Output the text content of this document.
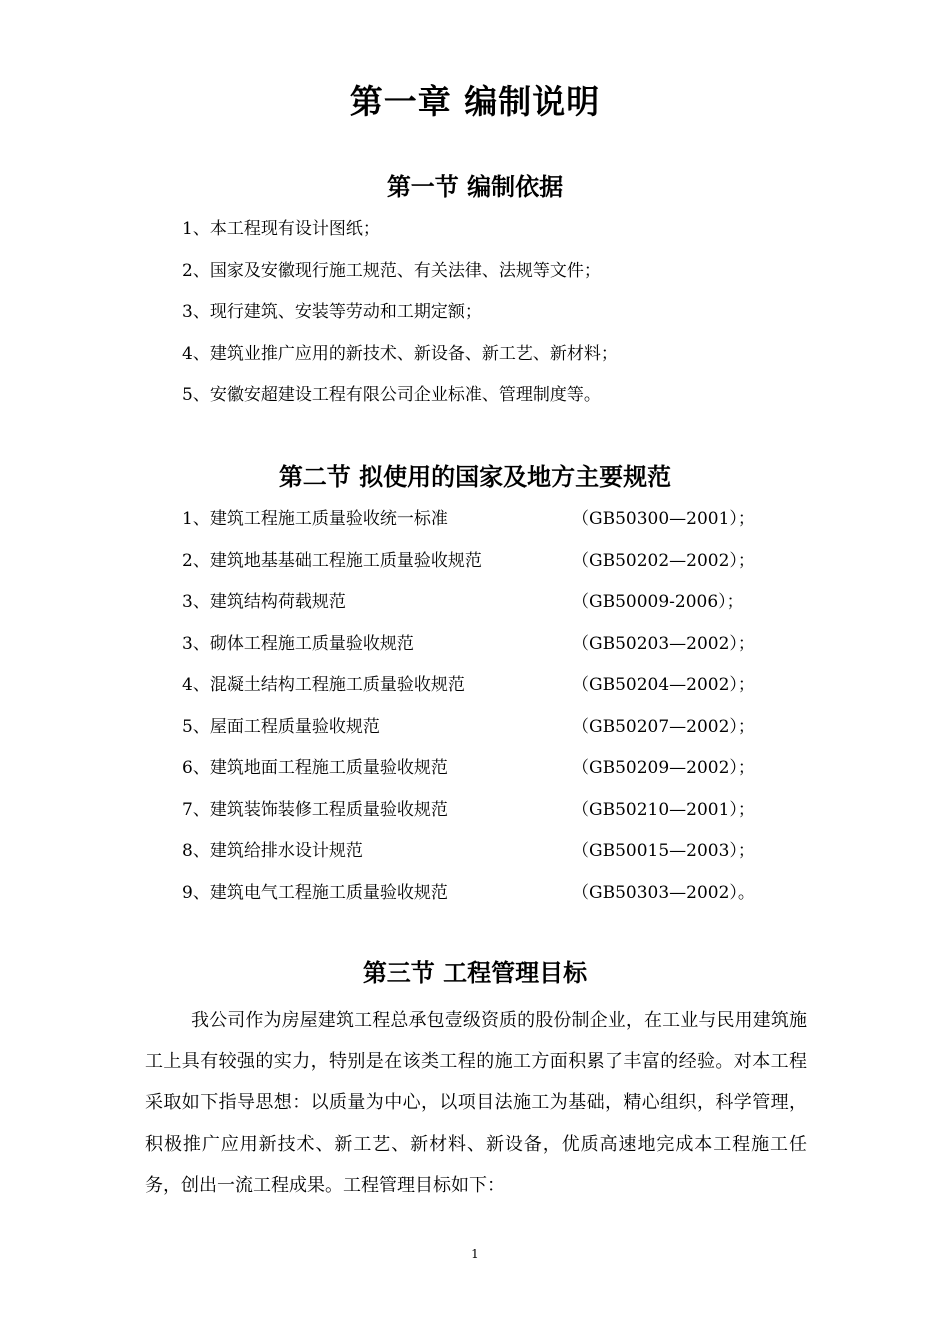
第一章 编制说明
第一节 编制依据
1、本工程现有设计图纸；
2、国家及安徽现行施工规范、有关法律、法规等文件；
3、现行建筑、安装等劳动和工期定额；
4、建筑业推广应用的新技术、新设备、新工艺、新材料；
5、安徽安超建设工程有限公司企业标准、管理制度等。
第二节 拟使用的国家及地方主要规范
1、建筑工程施工质量验收统一标准	（GB50300—2001）；
2、建筑地基基础工程施工质量验收规范	（GB50202—2002）；
3、建筑结构荷载规范	（GB50009-2006）；
3、砌体工程施工质量验收规范	（GB50203—2002）；
4、混凝土结构工程施工质量验收规范	（GB50204—2002）；
5、屋面工程质量验收规范	（GB50207—2002）；
6、建筑地面工程施工质量验收规范	（GB50209—2002）；
7、建筑装饰装修工程质量验收规范	（GB50210—2001）；
8、建筑给排水设计规范	（GB50015—2003）；
9、建筑电气工程施工质量验收规范	（GB50303—2002）。
第三节 工程管理目标

我公司作为房屋建筑工程总承包壹级资质的股份制企业，在工业与民用建筑施工上具有较强的实力，特别是在该类工程的施工方面积累了丰富的经验。对本工程采取如下指导思想：以质量为中心，以项目法施工为基础，精心组织，科学管理，积极推广应用新技术、新工艺、新材料、新设备，优质高速地完成本工程施工任务，创出一流工程成果。工程管理目标如下：

1
